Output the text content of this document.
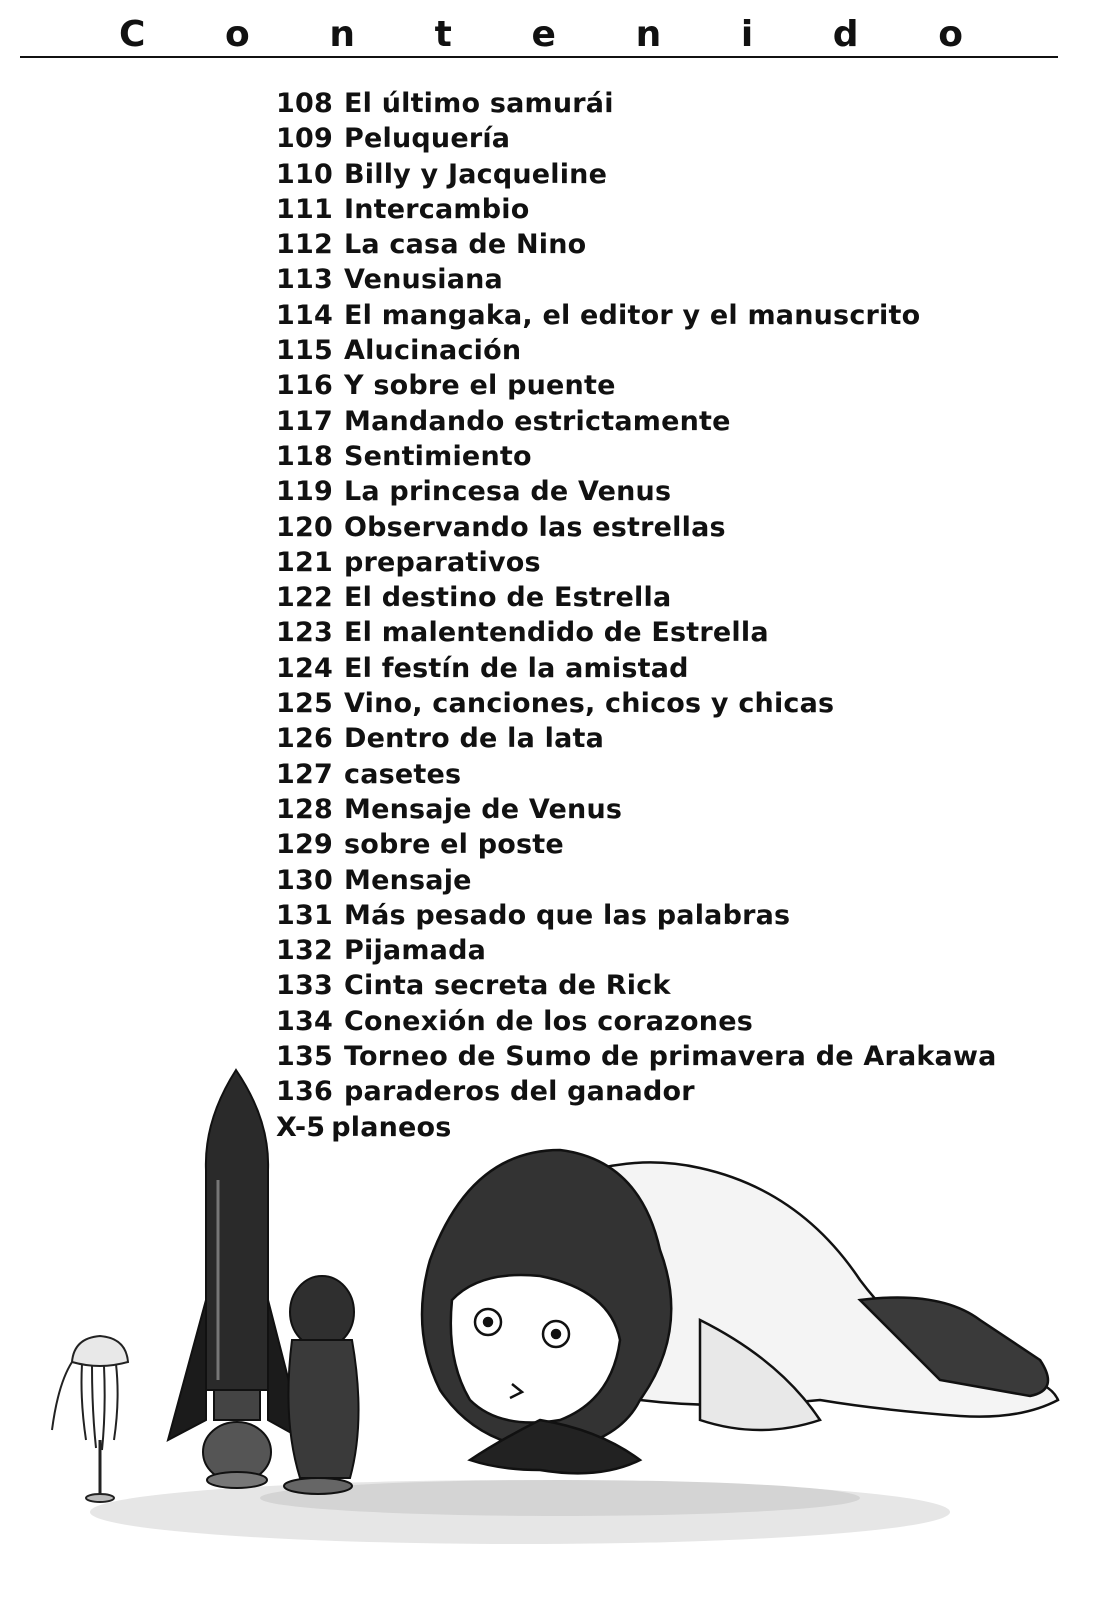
C o n t e n i d o
108 El último samurái
109 Peluquería
110 Billy y Jacqueline
111 Intercambio
112 La casa de Nino
113 Venusiana
114 El mangaka, el editor y el manuscrito
115 Alucinación
116 Y sobre el puente
117 Mandando estrictamente
118 Sentimiento
119 La princesa de Venus
120 Observando las estrellas
121 preparativos
122 El destino de Estrella
123 El malentendido de Estrella
124 El festín de la amistad
125 Vino, canciones, chicos y chicas
126 Dentro de la lata
127 casetes
128 Mensaje de Venus
129 sobre el poste
130 Mensaje
131 Más pesado que las palabras
132 Pijamada
133 Cinta secreta de Rick
134 Conexión de los corazones
135 Torneo de Sumo de primavera de Arakawa
136 paraderos del ganador
X-5 planeos
